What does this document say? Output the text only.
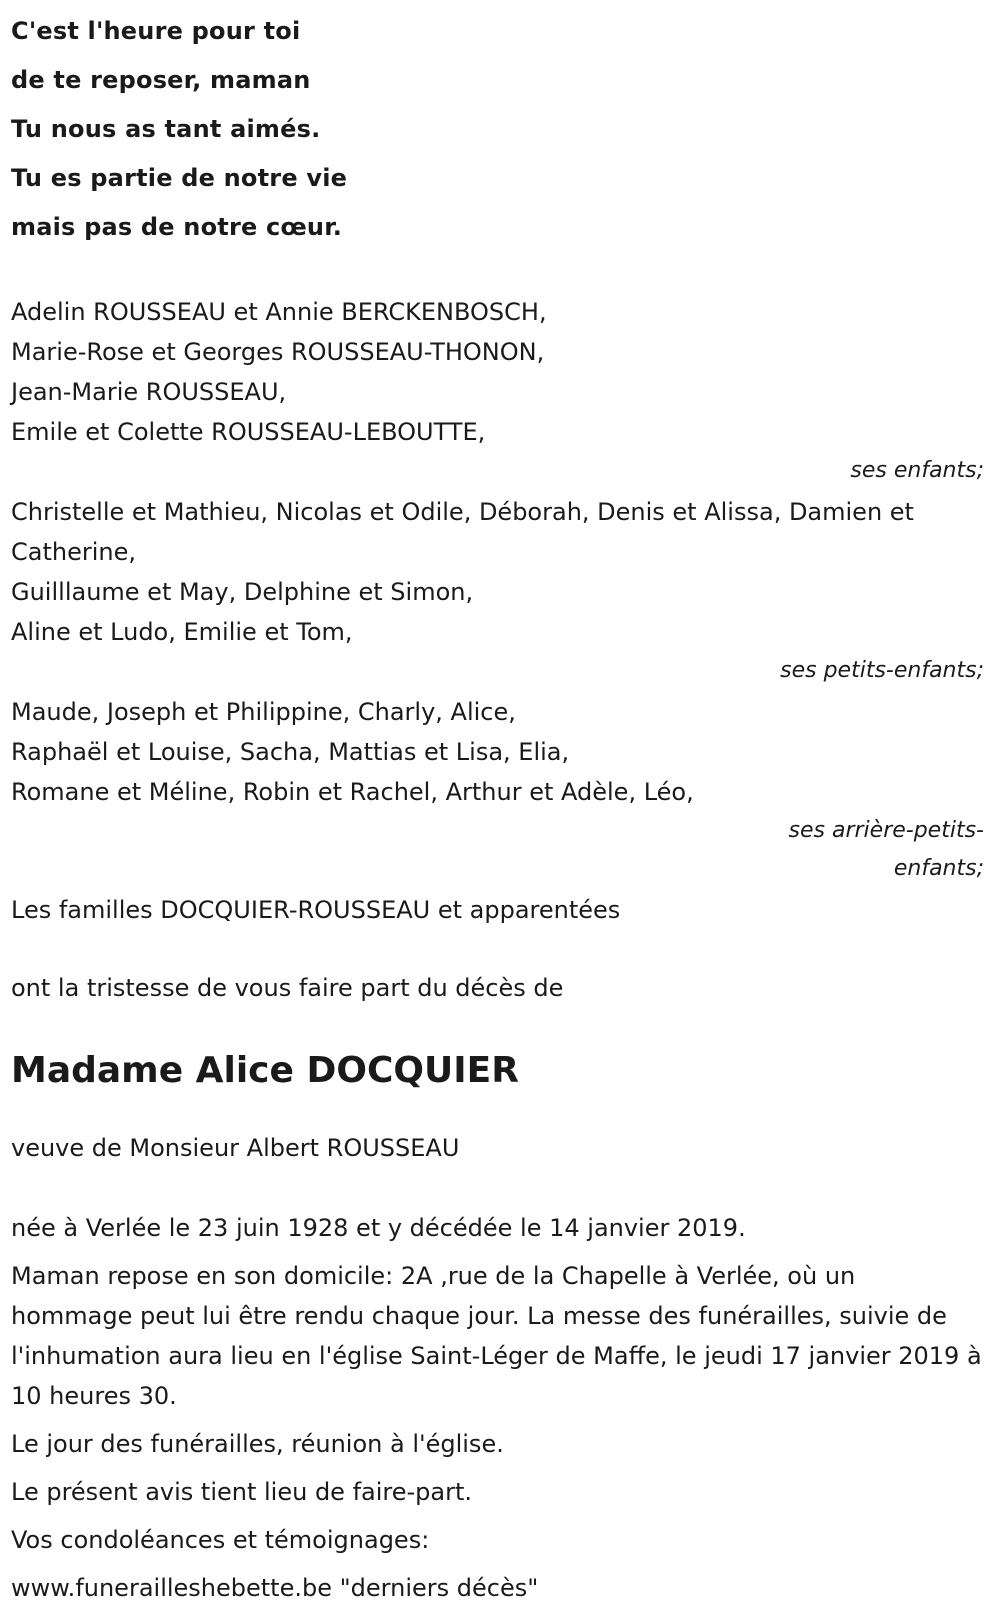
C'est l'heure pour toi
de te reposer, maman
Tu nous as tant aimés.
Tu es partie de notre vie
mais pas de notre cœur.
Adelin ROUSSEAU et Annie BERCKENBOSCH,
Marie-Rose et Georges ROUSSEAU-THONON,
Jean-Marie ROUSSEAU,
Emile et Colette ROUSSEAU-LEBOUTTE,
ses enfants;
Christelle et Mathieu, Nicolas et Odile, Déborah, Denis et Alissa, Damien et Catherine,
Guilllaume et May, Delphine et Simon,
Aline et Ludo, Emilie et Tom,
ses petits-enfants;
Maude, Joseph et Philippine, Charly, Alice,
Raphaël et Louise, Sacha, Mattias et Lisa, Elia,
Romane et Méline, Robin et Rachel, Arthur et Adèle, Léo,
ses arrière-petits-enfants;
Les familles DOCQUIER-ROUSSEAU et apparentées
ont la tristesse de vous faire part du décès de
Madame Alice DOCQUIER
veuve de Monsieur Albert ROUSSEAU
née à Verlée le 23 juin 1928 et y décédée le 14 janvier 2019.
Maman repose en son domicile: 2A ,rue de la Chapelle à Verlée, où un hommage peut lui être rendu chaque jour. La messe des funérailles, suivie de l'inhumation aura lieu en l'église Saint-Léger de Maffe, le jeudi 17 janvier 2019 à 10 heures 30.
Le jour des funérailles, réunion à l'église.
Le présent avis tient lieu de faire-part.
Vos condoléances et témoignages:
www.funerailleshebette.be "derniers décès"
